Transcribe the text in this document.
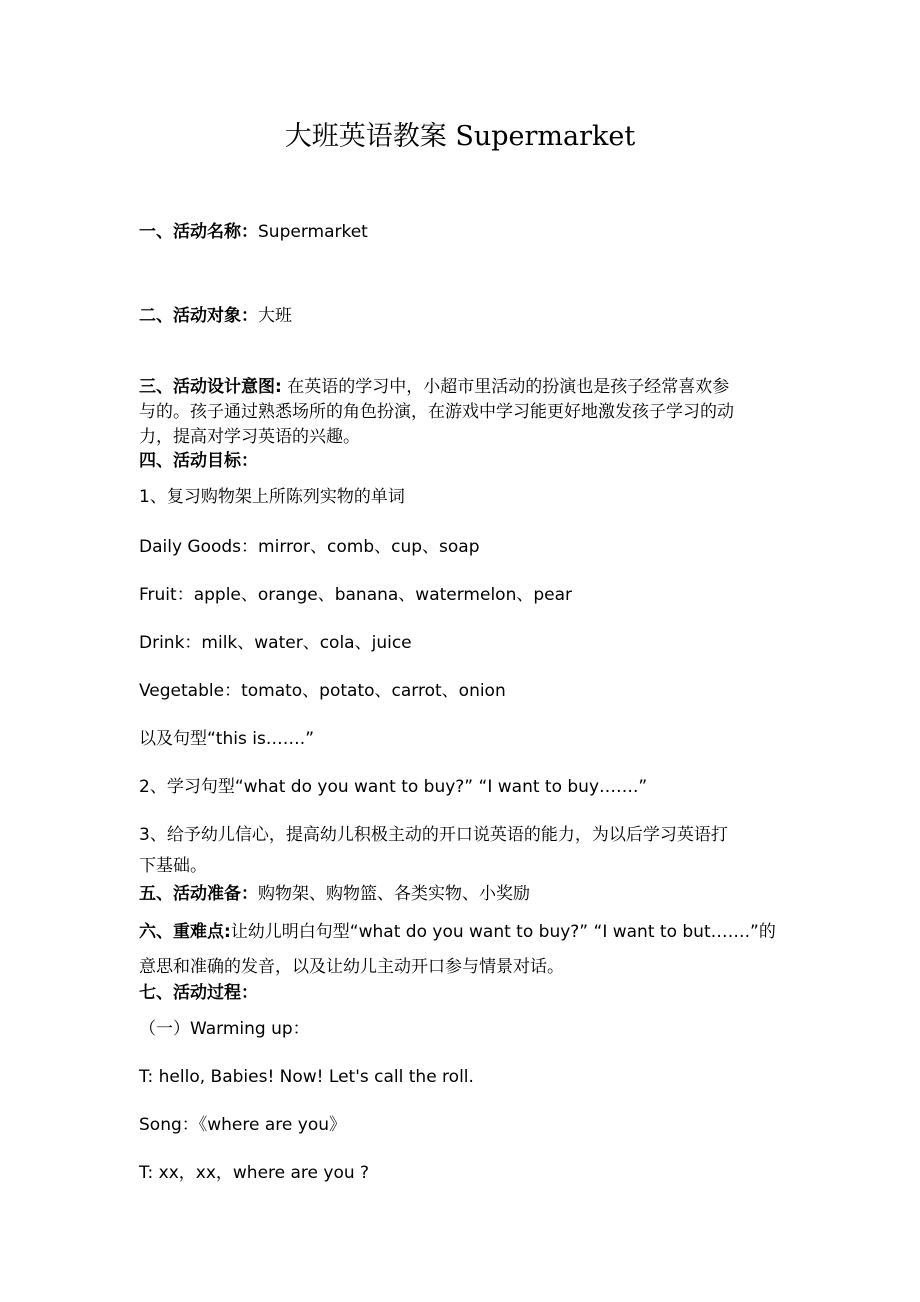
大班英语教案 Supermarket
一、活动名称：Supermarket
二、活动对象：大班
三、活动设计意图: 在英语的学习中，小超市里活动的扮演也是孩子经常喜欢参
与的。孩子通过熟悉场所的角色扮演，在游戏中学习能更好地激发孩子学习的动
力，提高对学习英语的兴趣。
四、活动目标：
1、复习购物架上所陈列实物的单词
Daily Goods：mirror、comb、cup、soap
Fruit：apple、orange、banana、watermelon、pear
Drink：milk、water、cola、juice
Vegetable：tomato、potato、carrot、onion
以及句型“this is…….”
2、学习句型“what do you want to buy?” “I want to buy…….”
3、给予幼儿信心，提高幼儿积极主动的开口说英语的能力，为以后学习英语打
下基础。
五、活动准备：购物架、购物篮、各类实物、小奖励
六、重难点:让幼儿明白句型“what do you want to buy?” “I want to but…….”的
意思和准确的发音，以及让幼儿主动开口参与情景对话。
七、活动过程：
（一）Warming up：
T: hello, Babies! Now! Let's call the roll.
Song：《where are you》
T: xx，xx，where are you ?
